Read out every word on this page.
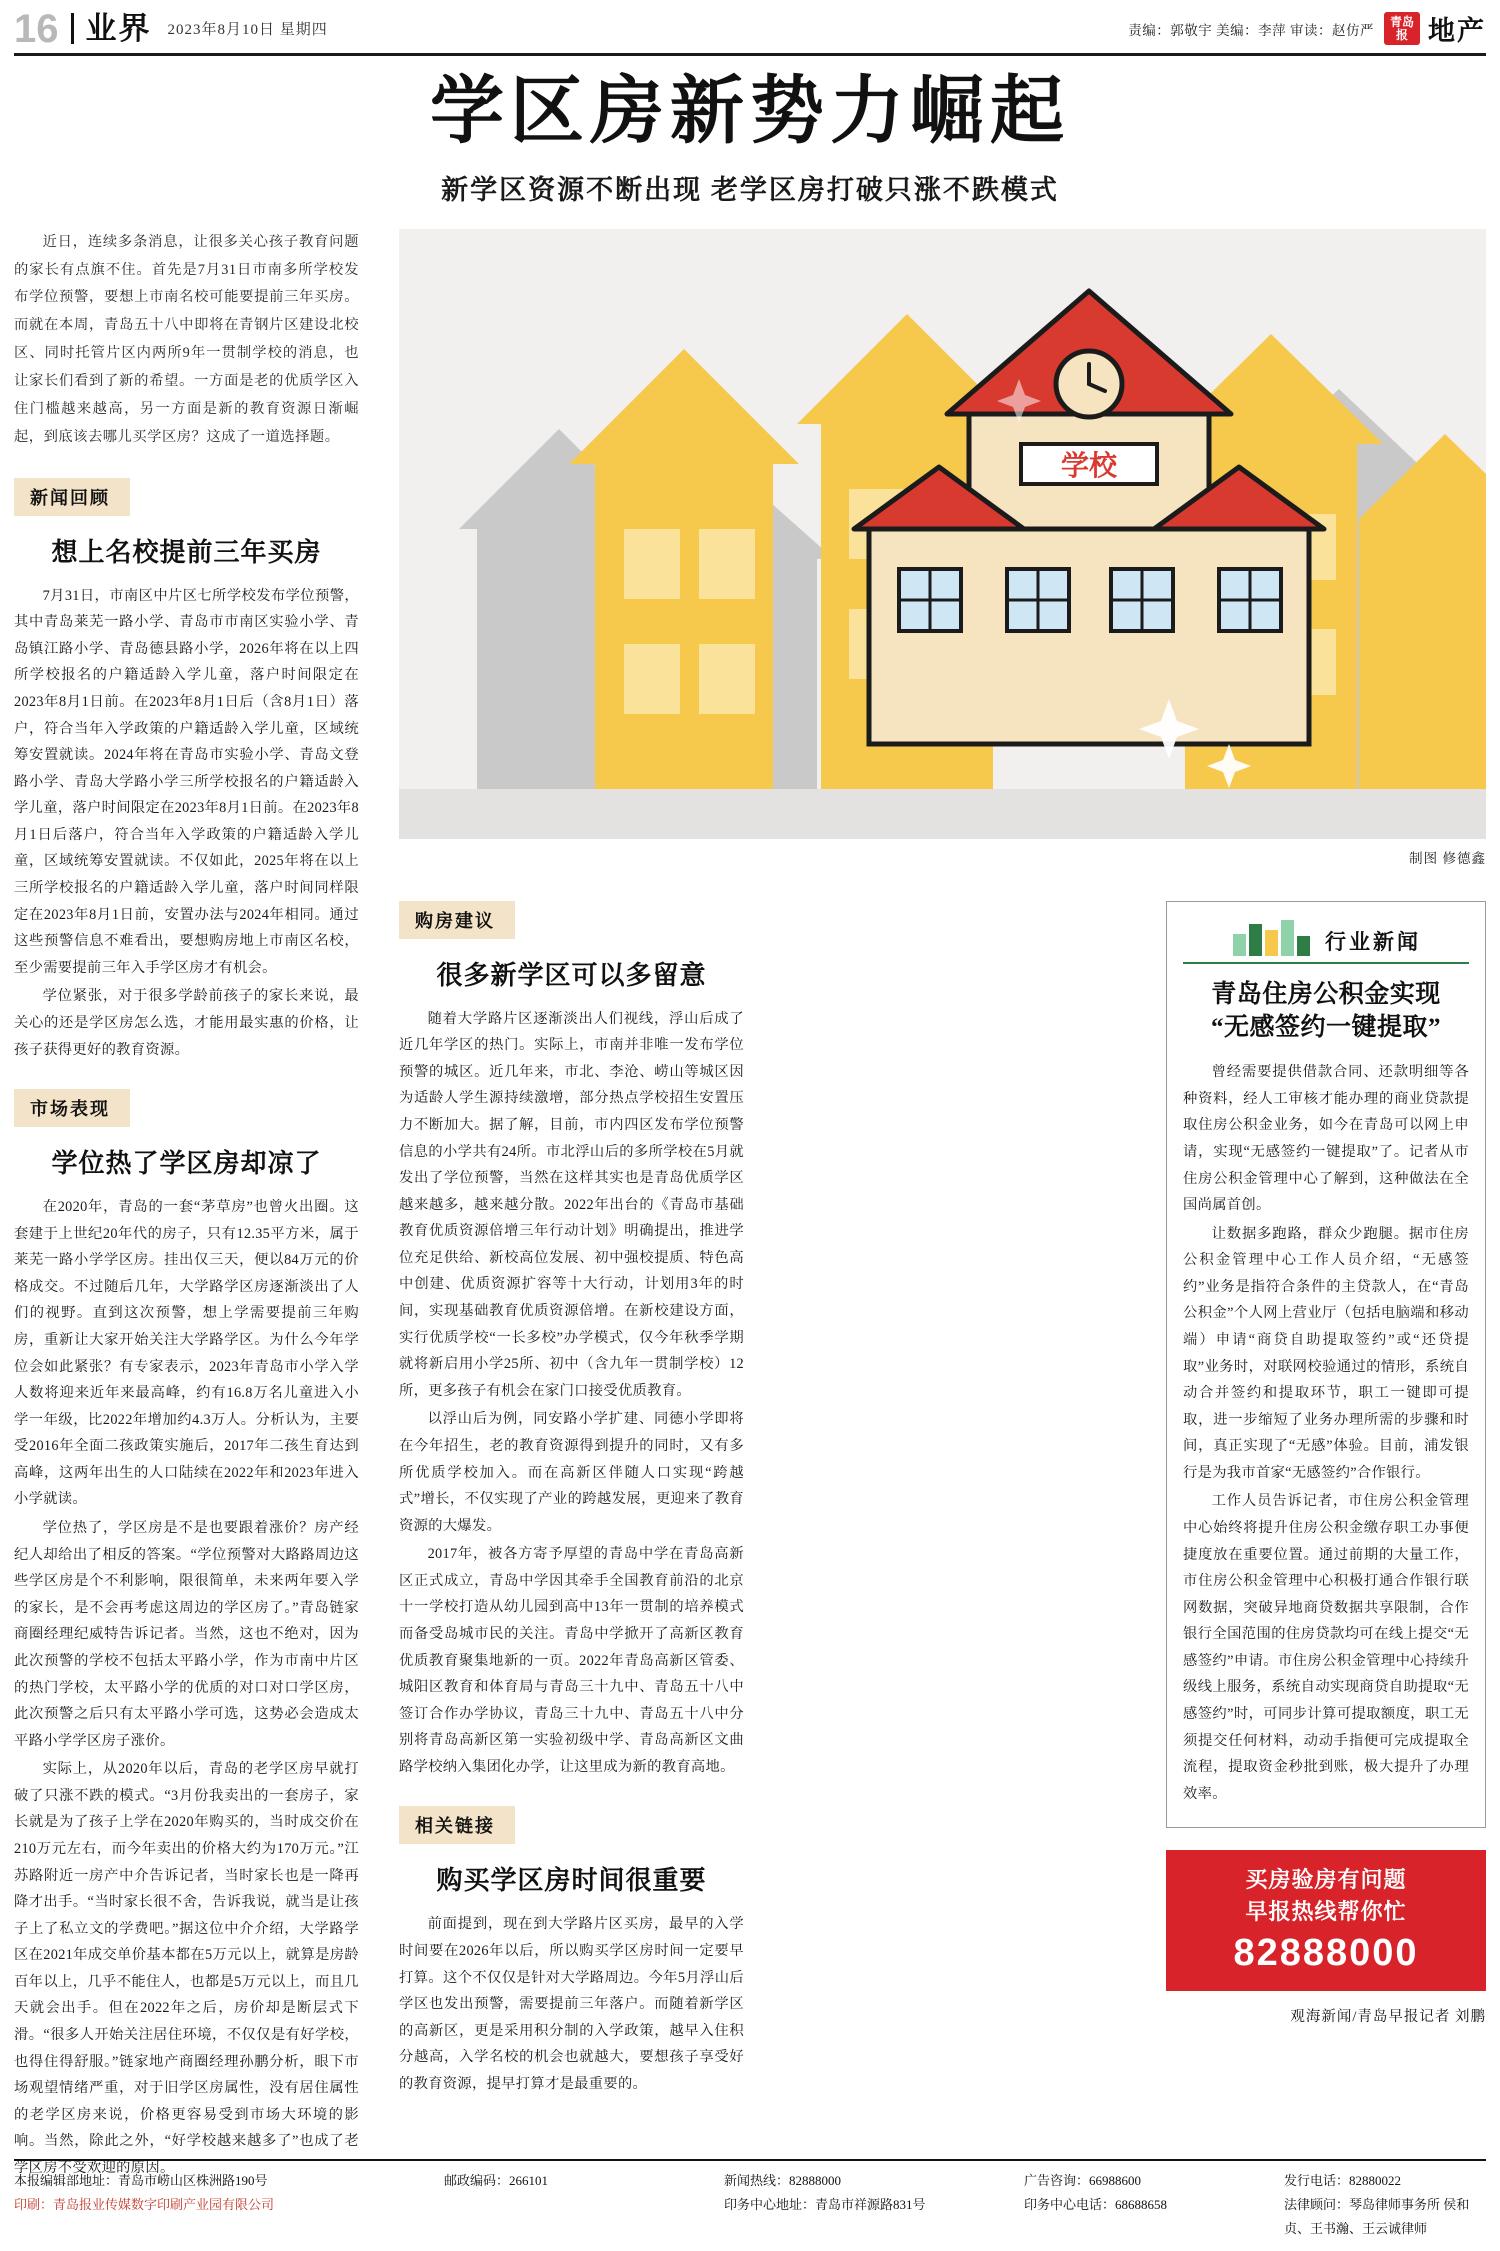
16 业界 2023年8月10日 星期四	责编：郭敬宇 美编：李萍 审读：赵仿严
青岛
报 地产
学区房新势力崛起
新学区资源不断出现 老学区房打破只涨不跌模式

近日，连续多条消息，让很多关心孩子教育问题的家长有点旗不住。首先是7月31日市南多所学校发布学位预警，要想上市南名校可能要提前三年买房。而就在本周，青岛五十八中即将在青钢片区建设北校区、同时托管片区内两所9年一贯制学校的消息，也让家长们看到了新的希望。一方面是老的优质学区入住门槛越来越高，另一方面是新的教育资源日渐崛起，到底该去哪儿买学区房？这成了一道选择题。

新闻回顾
想上名校提前三年买房

7月31日，市南区中片区七所学校发布学位预警，其中青岛莱芜一路小学、青岛市市南区实验小学、青岛镇江路小学、青岛德县路小学，2026年将在以上四所学校报名的户籍适龄入学儿童，落户时间限定在2023年8月1日前。在2023年8月1日后（含8月1日）落户，符合当年入学政策的户籍适龄入学儿童，区域统筹安置就读。2024年将在青岛市实验小学、青岛文登路小学、青岛大学路小学三所学校报名的户籍适龄入学儿童，落户时间限定在2023年8月1日前。在2023年8月1日后落户，符合当年入学政策的户籍适龄入学儿童，区域统筹安置就读。不仅如此，2025年将在以上三所学校报名的户籍适龄入学儿童，落户时间同样限定在2023年8月1日前，安置办法与2024年相同。通过这些预警信息不难看出，要想购房地上市南区名校，至少需要提前三年入手学区房才有机会。

学位紧张，对于很多学龄前孩子的家长来说，最关心的还是学区房怎么选，才能用最实惠的价格，让孩子获得更好的教育资源。

市场表现
学位热了学区房却凉了

在2020年，青岛的一套“茅草房”也曾火出圈。这套建于上世纪20年代的房子，只有12.35平方米，属于莱芜一路小学学区房。挂出仅三天，便以84万元的价格成交。不过随后几年，大学路学区房逐渐淡出了人们的视野。直到这次预警，想上学需要提前三年购房，重新让大家开始关注大学路学区。为什么今年学位会如此紧张？有专家表示，2023年青岛市小学入学人数将迎来近年来最高峰，约有16.8万名儿童进入小学一年级，比2022年增加约4.3万人。分析认为，主要受2016年全面二孩政策实施后，2017年二孩生育达到高峰，这两年出生的人口陆续在2022年和2023年进入小学就读。

学位热了，学区房是不是也要跟着涨价？房产经纪人却给出了相反的答案。“学位预警对大路路周边这些学区房是个不利影响，限很简单，未来两年要入学的家长，是不会再考虑这周边的学区房了。”青岛链家商圈经理纪威特告诉记者。当然，这也不绝对，因为此次预警的学校不包括太平路小学，作为市南中片区的热门学校，太平路小学的优质的对口对口学区房，此次预警之后只有太平路小学可选，这势必会造成太平路小学学区房子涨价。

实际上，从2020年以后，青岛的老学区房早就打破了只涨不跌的模式。“3月份我卖出的一套房子，家长就是为了孩子上学在2020年购买的，当时成交价在210万元左右，而今年卖出的价格大约为170万元。”江苏路附近一房产中介告诉记者，当时家长也是一降再降才出手。“当时家长很不舍，告诉我说，就当是让孩子上了私立文的学费吧。”据这位中介介绍，大学路学区在2021年成交单价基本都在5万元以上，就算是房龄百年以上，几乎不能住人，也都是5万元以上，而且几天就会出手。但在2022年之后，房价却是断层式下滑。“很多人开始关注居住环境，不仅仅是有好学校，也得住得舒服。”链家地产商圈经理孙鹏分析，眼下市场观望情绪严重，对于旧学区房属性，没有居住属性的老学区房来说，价格更容易受到市场大环境的影响。当然，除此之外，“好学校越来越多了”也成了老学区房不受欢迎的原因。

学校
制图 修德鑫
购房建议
很多新学区可以多留意

随着大学路片区逐渐淡出人们视线，浮山后成了近几年学区的热门。实际上，市南并非唯一发布学位预警的城区。近几年来，市北、李沧、崂山等城区因为适龄人学生源持续激增，部分热点学校招生安置压力不断加大。据了解，目前，市内四区发布学位预警信息的小学共有24所。市北浮山后的多所学校在5月就发出了学位预警，当然在这样其实也是青岛优质学区越来越多，越来越分散。2022年出台的《青岛市基础教育优质资源倍增三年行动计划》明确提出，推进学位充足供给、新校高位发展、初中强校提质、特色高中创建、优质资源扩容等十大行动，计划用3年的时间，实现基础教育优质资源倍增。在新校建设方面，实行优质学校“一长多校”办学模式，仅今年秋季学期就将新启用小学25所、初中（含九年一贯制学校）12所，更多孩子有机会在家门口接受优质教育。

以浮山后为例，同安路小学扩建、同德小学即将在今年招生，老的教育资源得到提升的同时，又有多所优质学校加入。而在高新区伴随人口实现“跨越式”增长，不仅实现了产业的跨越发展，更迎来了教育资源的大爆发。

2017年，被各方寄予厚望的青岛中学在青岛高新区正式成立，青岛中学因其牵手全国教育前沿的北京十一学校打造从幼儿园到高中13年一贯制的培养模式而备受岛城市民的关注。青岛中学掀开了高新区教育优质教育聚集地新的一页。2022年青岛高新区管委、城阳区教育和体育局与青岛三十九中、青岛五十八中签订合作办学协议，青岛三十九中、青岛五十八中分别将青岛高新区第一实验初级中学、青岛高新区文曲路学校纳入集团化办学，让这里成为新的教育高地。

相关链接
购买学区房时间很重要

前面提到，现在到大学路片区买房，最早的入学时间要在2026年以后，所以购买学区房时间一定要早打算。这个不仅仅是针对大学路周边。今年5月浮山后学区也发出预警，需要提前三年落户。而随着新学区的高新区，更是采用积分制的入学政策，越早入住积分越高，入学名校的机会也就越大，要想孩子享受好的教育资源，提早打算才是最重要的。

行业新闻
青岛住房公积金实现
“无感签约一键提取”

曾经需要提供借款合同、还款明细等各种资料，经人工审核才能办理的商业贷款提取住房公积金业务，如今在青岛可以网上申请，实现“无感签约一键提取”了。记者从市住房公积金管理中心了解到，这种做法在全国尚属首创。

让数据多跑路，群众少跑腿。据市住房公积金管理中心工作人员介绍，“无感签约”业务是指符合条件的主贷款人，在“青岛公积金”个人网上营业厅（包括电脑端和移动端）申请“商贷自助提取签约”或“还贷提取”业务时，对联网校验通过的情形，系统自动合并签约和提取环节，职工一键即可提取，进一步缩短了业务办理所需的步骤和时间，真正实现了“无感”体验。目前，浦发银行是为我市首家“无感签约”合作银行。

工作人员告诉记者，市住房公积金管理中心始终将提升住房公积金缴存职工办事便捷度放在重要位置。通过前期的大量工作，市住房公积金管理中心积极打通合作银行联网数据，突破异地商贷数据共享限制，合作银行全国范围的住房贷款均可在线上提交“无感签约”申请。市住房公积金管理中心持续升级线上服务，系统自动实现商贷自助提取“无感签约”时，可同步计算可提取额度，职工无须提交任何材料，动动手指便可完成提取全流程，提取资金秒批到账，极大提升了办理效率。

买房验房有问题
早报热线帮你忙
82888000
观海新闻/青岛早报记者 刘鹏
本报编辑部地址：青岛市崂山区株洲路190号	邮政编码：266101	新闻热线：82888000	广告咨询：66988600	发行电话：82880022
印刷：青岛报业传媒数字印刷产业园有限公司	印务中心地址：青岛市祥源路831号	印务中心电话：68688658	法律顾问：琴岛律师事务所 侯和贞、王书瀚、王云诚律师
